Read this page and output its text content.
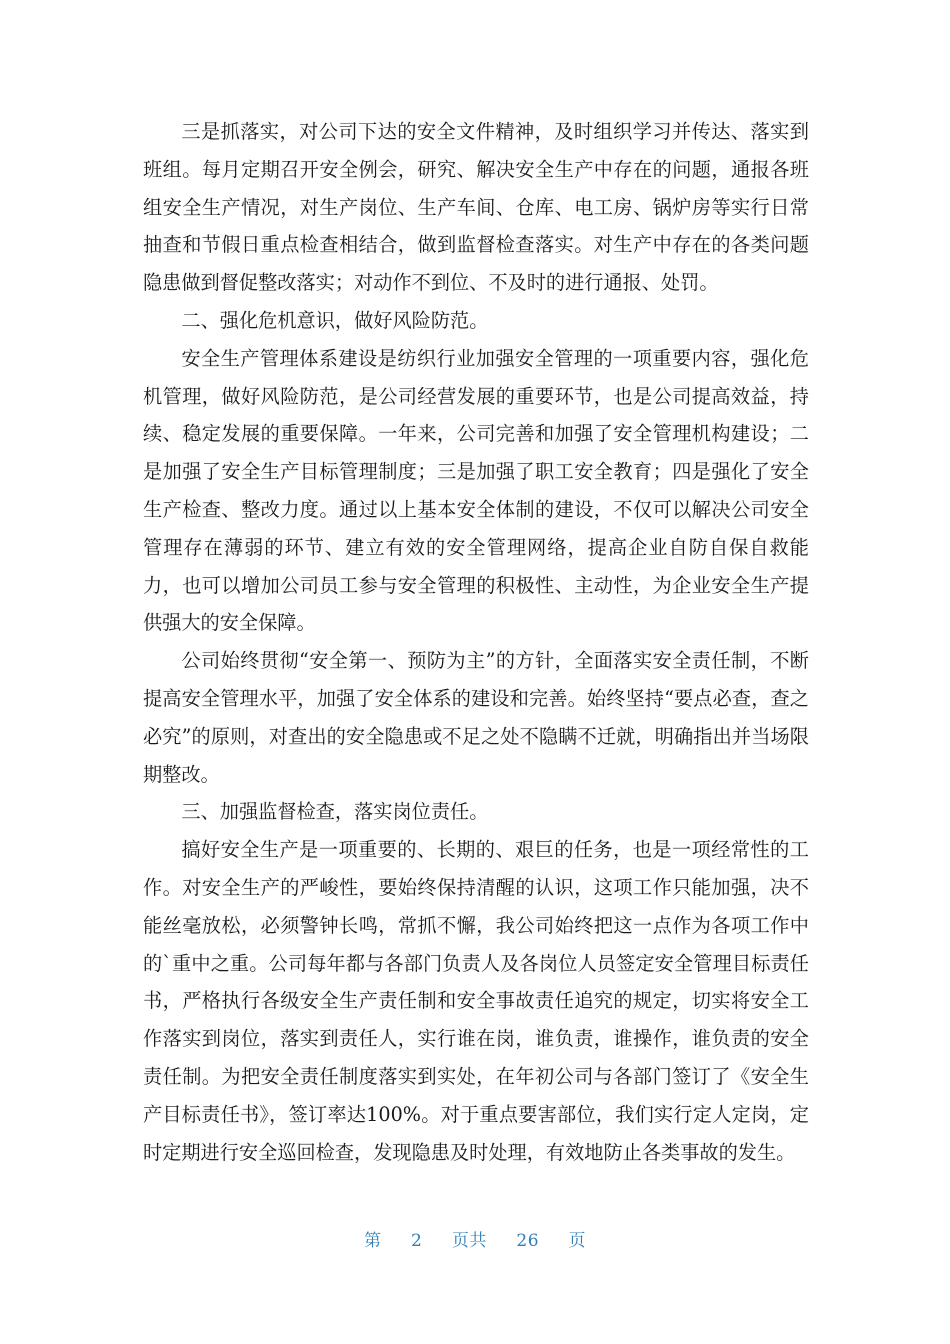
三是抓落实，对公司下达的安全文件精神，及时组织学习并传达、落实到班组。每月定期召开安全例会，研究、解决安全生产中存在的问题，通报各班组安全生产情况，对生产岗位、生产车间、仓库、电工房、锅炉房等实行日常抽查和节假日重点检查相结合，做到监督检查落实。对生产中存在的各类问题隐患做到督促整改落实；对动作不到位、不及时的进行通报、处罚。

二、强化危机意识，做好风险防范。

安全生产管理体系建设是纺织行业加强安全管理的一项重要内容，强化危机管理，做好风险防范，是公司经营发展的重要环节，也是公司提高效益，持续、稳定发展的重要保障。一年来，公司完善和加强了安全管理机构建设；二是加强了安全生产目标管理制度；三是加强了职工安全教育；四是强化了安全生产检查、整改力度。通过以上基本安全体制的建设，不仅可以解决公司安全管理存在薄弱的环节、建立有效的安全管理网络，提高企业自防自保自救能力，也可以增加公司员工参与安全管理的积极性、主动性，为企业安全生产提供强大的安全保障。

公司始终贯彻“安全第一、预防为主”的方针，全面落实安全责任制，不断提高安全管理水平，加强了安全体系的建设和完善。始终坚持“要点必查，查之必究”的原则，对查出的安全隐患或不足之处不隐瞒不迁就，明确指出并当场限期整改。

三、加强监督检查，落实岗位责任。

搞好安全生产是一项重要的、长期的、艰巨的任务，也是一项经常性的工作。对安全生产的严峻性，要始终保持清醒的认识，这项工作只能加强，决不能丝毫放松，必须警钟长鸣，常抓不懈，我公司始终把这一点作为各项工作中的`重中之重。公司每年都与各部门负责人及各岗位人员签定安全管理目标责任书，严格执行各级安全生产责任制和安全事故责任追究的规定，切实将安全工作落实到岗位，落实到责任人，实行谁在岗，谁负责，谁操作，谁负责的安全责任制。为把安全责任制度落实到实处，在年初公司与各部门签订了《安全生产目标责任书》，签订率达100%。对于重点要害部位，我们实行定人定岗，定时定期进行安全巡回检查，发现隐患及时处理，有效地防止各类事故的发生。

第 2 页共 26 页
